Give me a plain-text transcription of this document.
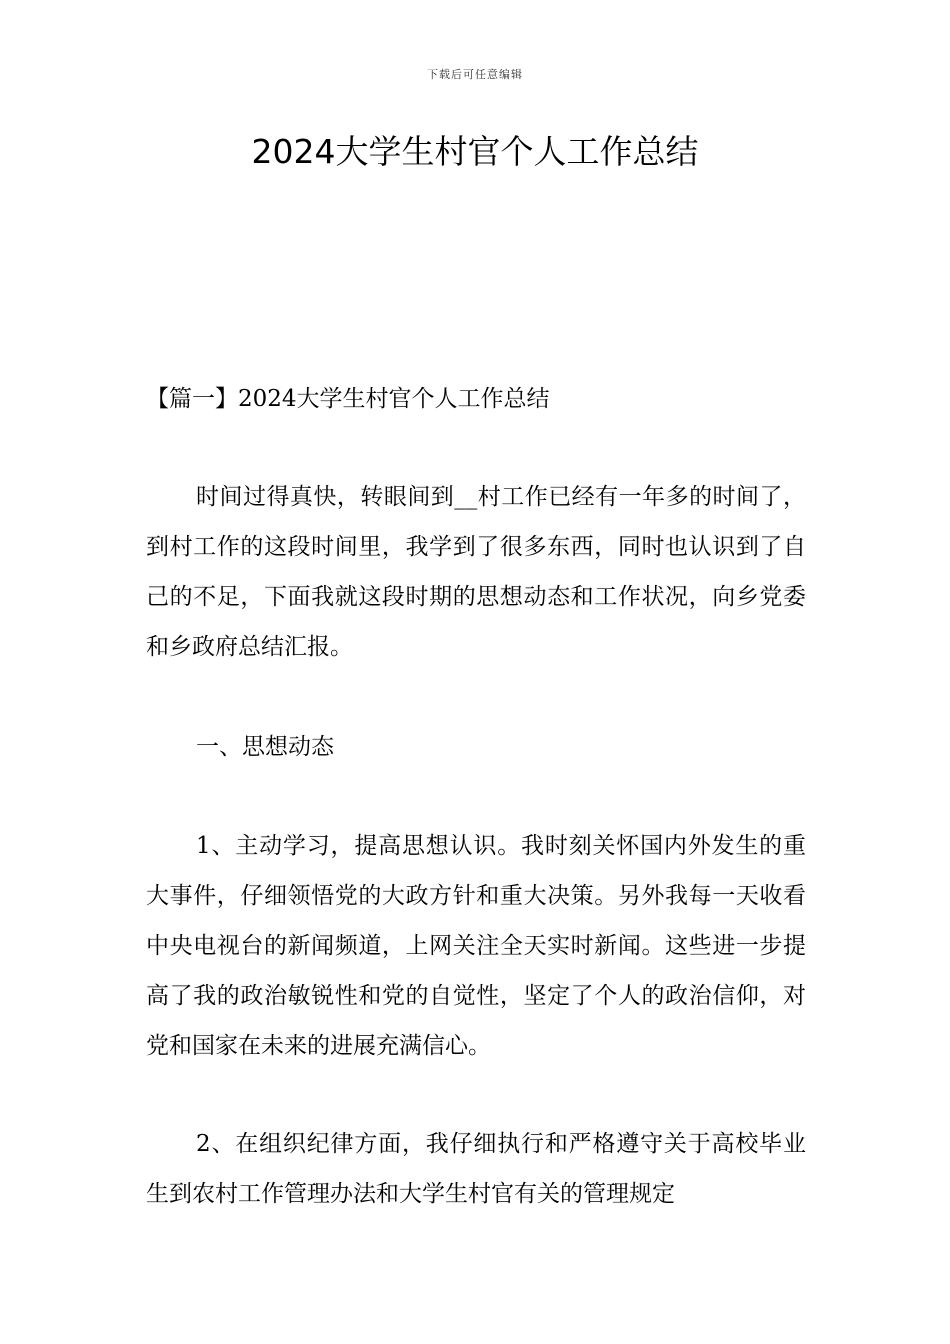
下载后可任意编辑
2024大学生村官个人工作总结
【篇一】2024大学生村官个人工作总结

时间过得真快，转眼间到__村工作已经有一年多的时间了，到村工作的这段时间里，我学到了很多东西，同时也认识到了自己的不足，下面我就这段时期的思想动态和工作状况，向乡党委和乡政府总结汇报。

一、思想动态

1、主动学习，提高思想认识。我时刻关怀国内外发生的重大事件，仔细领悟党的大政方针和重大决策。另外我每一天收看中央电视台的新闻频道，上网关注全天实时新闻。这些进一步提高了我的政治敏锐性和党的自觉性，坚定了个人的政治信仰，对党和国家在未来的进展充满信心。

2、在组织纪律方面，我仔细执行和严格遵守关于高校毕业生到农村工作管理办法和大学生村官有关的管理规定
